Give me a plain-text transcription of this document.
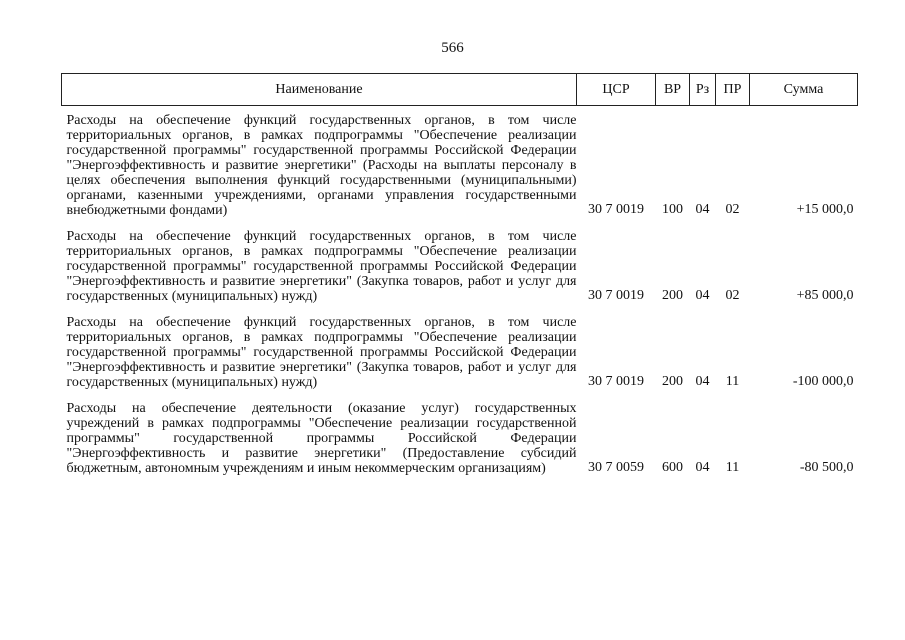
566
Наименование	ЦСР	ВР	Рз	ПР	Сумма
Расходы на обеспечение функций государственных органов, в том числе территориальных органов, в рамках подпрограммы "Обеспечение реализации государственной программы" государственной программы Российской Федерации "Энергоэффективность и развитие энергетики" (Расходы на выплаты персоналу в целях обеспечения выполнения функций государственными (муниципальными) органами, казенными учреждениями, органами управления государственными внебюджетными фондами)	30 7 0019	100	04	02	+15 000,0
Расходы на обеспечение функций государственных органов, в том числе территориальных органов, в рамках подпрограммы "Обеспечение реализации государственной программы" государственной программы Российской Федерации "Энергоэффективность и развитие энергетики" (Закупка товаров, работ и услуг для государственных (муниципальных) нужд)	30 7 0019	200	04	02	+85 000,0
Расходы на обеспечение функций государственных органов, в том числе территориальных органов, в рамках подпрограммы "Обеспечение реализации государственной программы" государственной программы Российской Федерации "Энергоэффективность и развитие энергетики" (Закупка товаров, работ и услуг для государственных (муниципальных) нужд)	30 7 0019	200	04	11	-100 000,0
Расходы на обеспечение деятельности (оказание услуг) государственных учреждений в рамках подпрограммы "Обеспечение реализации государственной программы" государственной программы Российской Федерации "Энергоэффективность и развитие энергетики" (Предоставление субсидий бюджетным, автономным учреждениям и иным некоммерческим организациям)	30 7 0059	600	04	11	-80 500,0
